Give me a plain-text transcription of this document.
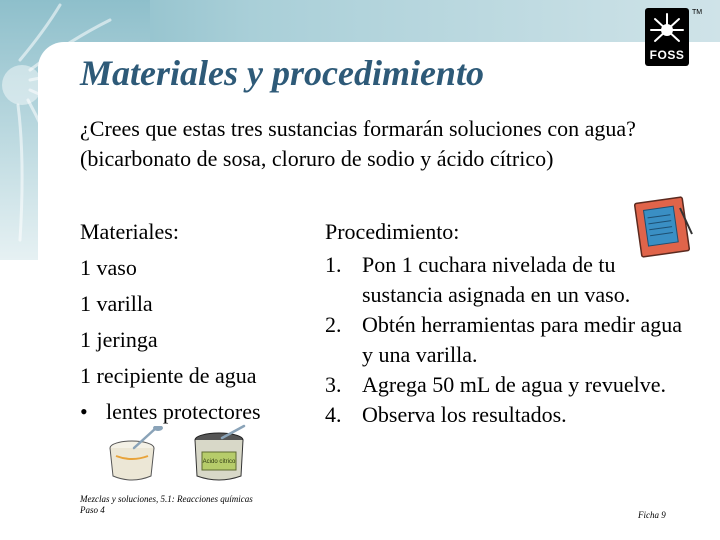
Materiales y procedimiento	FOSS
TM

¿Crees que estas tres sustancias formarán soluciones con agua?

(bicarbonato de sosa, cloruro de sodio y ácido cítrico)

Materiales:
1 vaso
1 varilla
1 jeringa
1 recipiente de agua
• lentes protectores
Procedimiento:
1. Pon 1 cuchara nivelada de tu sustancia asignada en un vaso.
2. Obtén herramientas para medir agua y una varilla.
3. Agrega 50 mL de agua y revuelve.
4. Observa los resultados.
Acido cítrico
Mezclas y soluciones, 5.1: Reacciones químicas
Paso 4	Ficha 9
